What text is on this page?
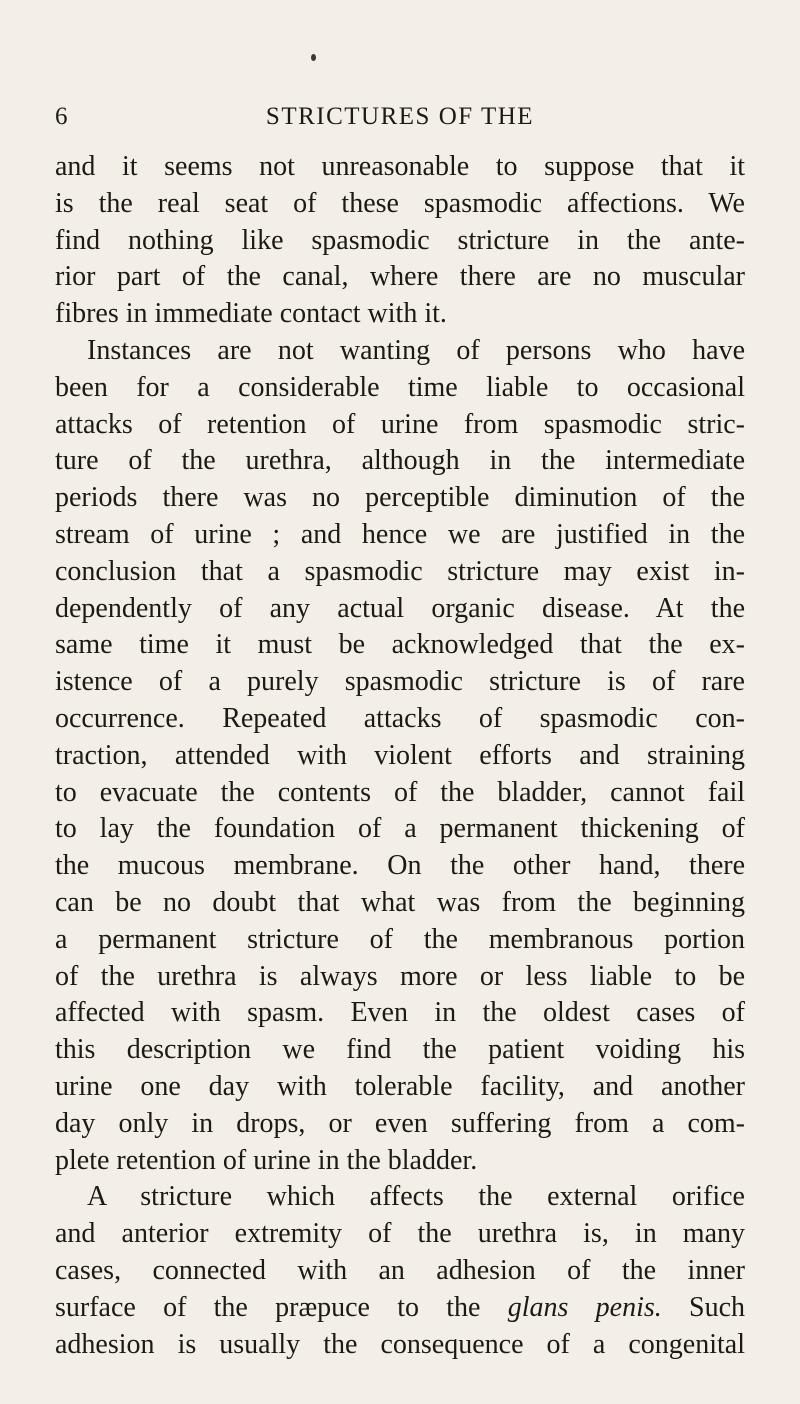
6	STRICTURES OF THE
and it seems not unreasonable to suppose that it
is the real seat of these spasmodic affections. We
find nothing like spasmodic stricture in the ante-
rior part of the canal, where there are no muscular
fibres in immediate contact with it.
Instances are not wanting of persons who have
been for a considerable time liable to occasional
attacks of retention of urine from spasmodic stric-
ture of the urethra, although in the intermediate
periods there was no perceptible diminution of the
stream of urine ; and hence we are justified in the
conclusion that a spasmodic stricture may exist in-
dependently of any actual organic disease. At the
same time it must be acknowledged that the ex-
istence of a purely spasmodic stricture is of rare
occurrence. Repeated attacks of spasmodic con-
traction, attended with violent efforts and straining
to evacuate the contents of the bladder, cannot fail
to lay the foundation of a permanent thickening of
the mucous membrane. On the other hand, there
can be no doubt that what was from the beginning
a permanent stricture of the membranous portion
of the urethra is always more or less liable to be
affected with spasm. Even in the oldest cases of
this description we find the patient voiding his
urine one day with tolerable facility, and another
day only in drops, or even suffering from a com-
plete retention of urine in the bladder.
A stricture which affects the external orifice
and anterior extremity of the urethra is, in many
cases, connected with an adhesion of the inner
surface of the præpuce to the glans penis. Such
adhesion is usually the consequence of a congenital
